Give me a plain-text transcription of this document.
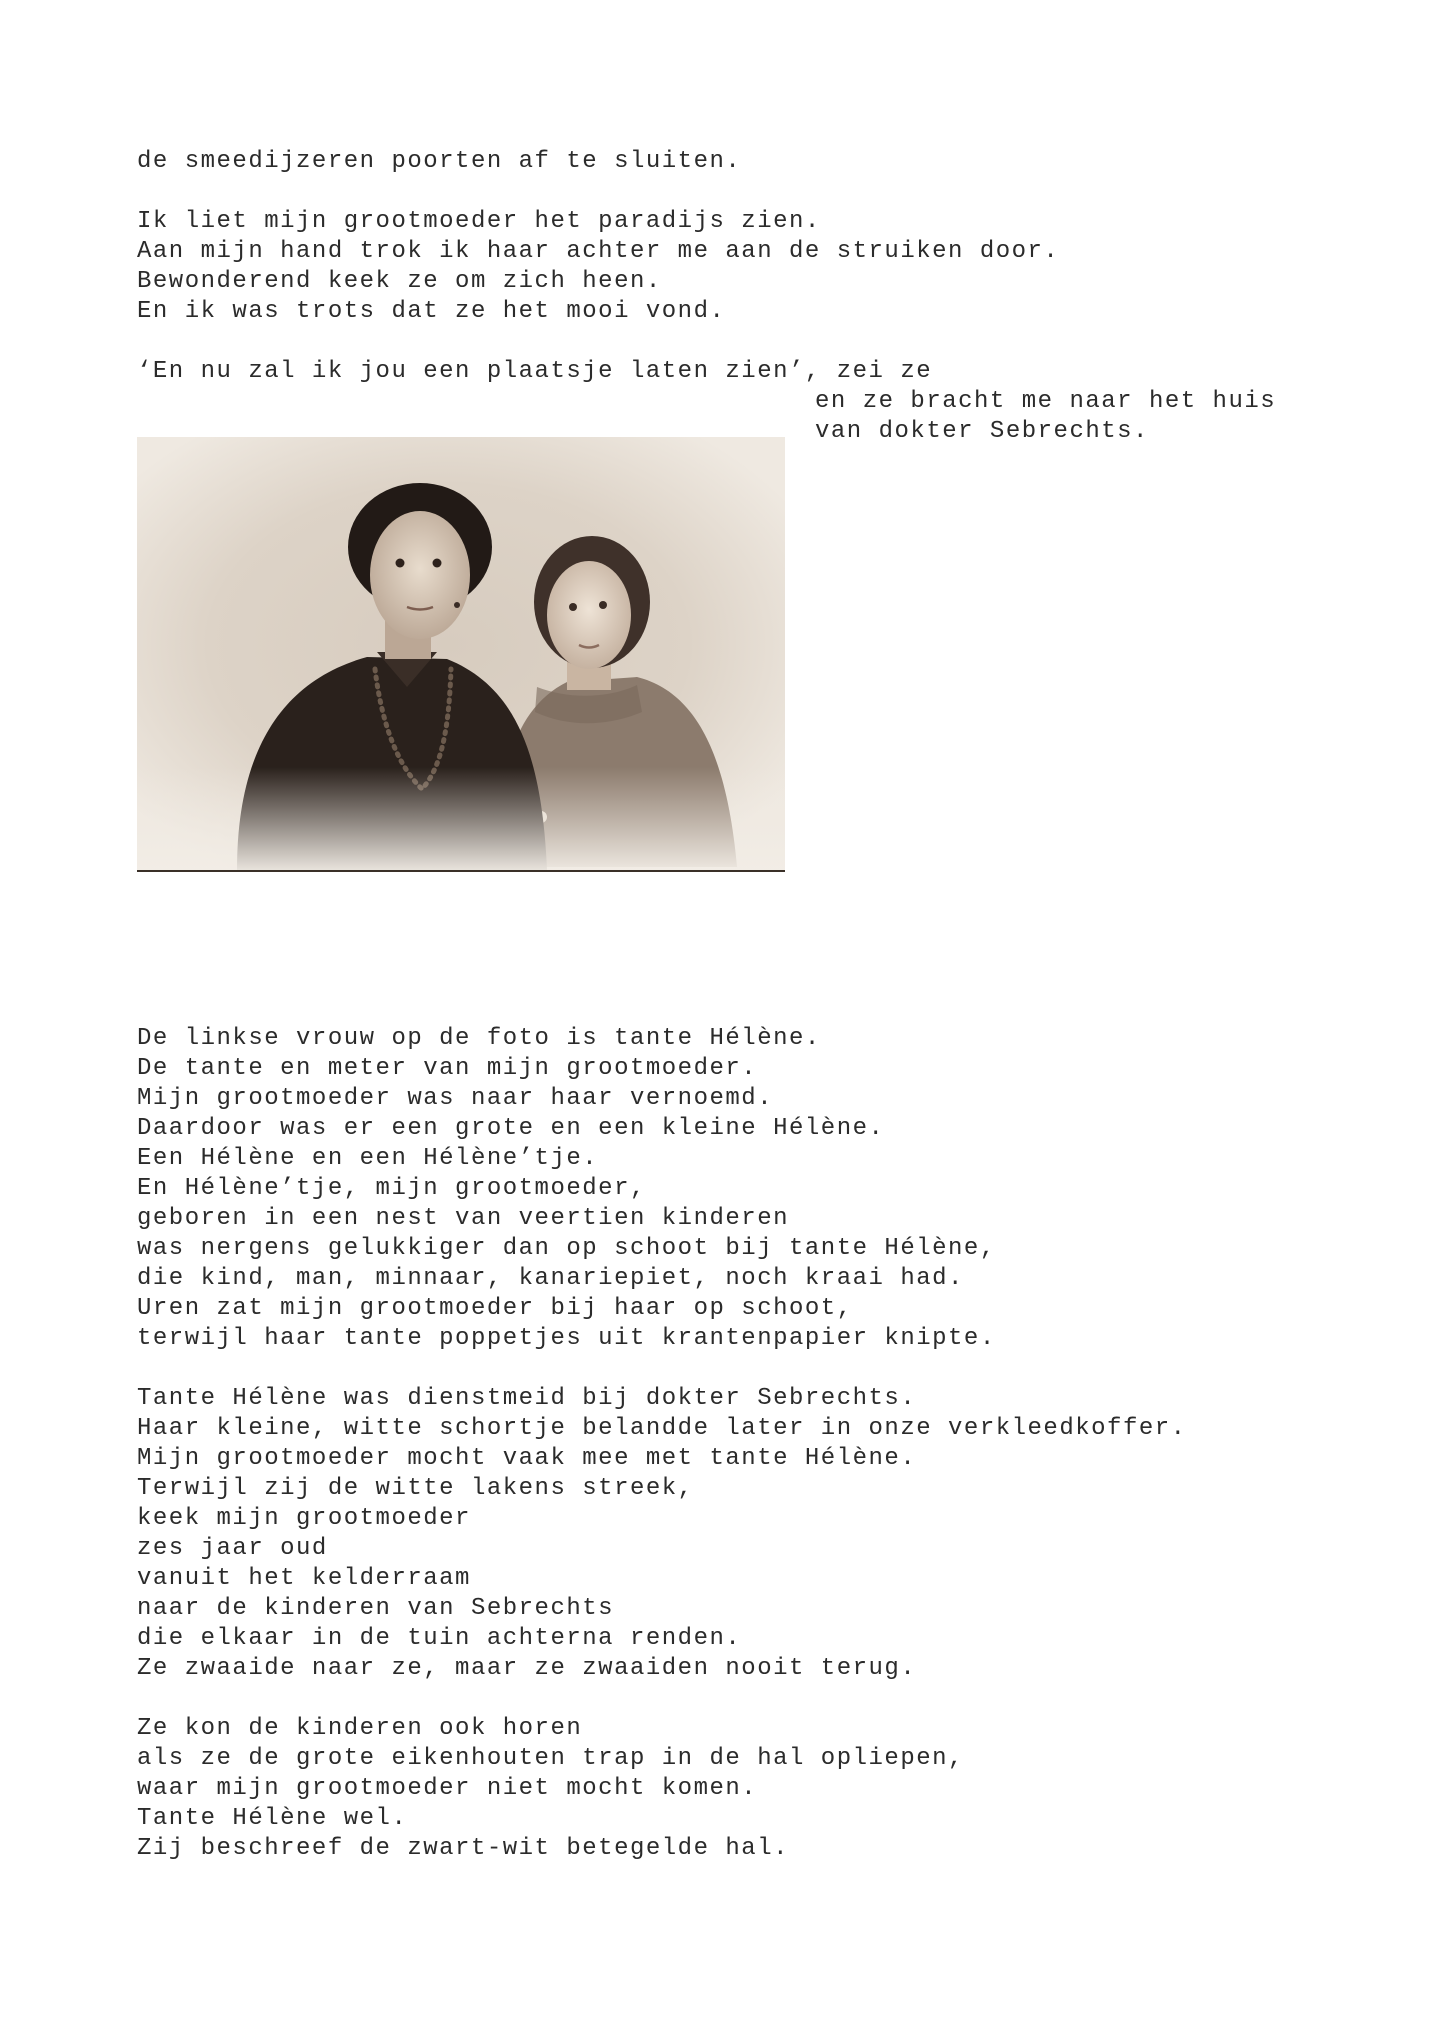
de smeedijzeren poorten af te sluiten.
Ik liet mijn grootmoeder het paradijs zien.
Aan mijn hand trok ik haar achter me aan de struiken door.
Bewonderend keek ze om zich heen.
En ik was trots dat ze het mooi vond.
‘En nu zal ik jou een plaatsje laten zien’, zei ze
en ze bracht me naar het huis
van dokter Sebrechts.
De linkse vrouw op de foto is tante Hélène.
De tante en meter van mijn grootmoeder.
Mijn grootmoeder was naar haar vernoemd.
Daardoor was er een grote en een kleine Hélène.
Een Hélène en een Hélène’tje.
En Hélène’tje, mijn grootmoeder,
geboren in een nest van veertien kinderen
was nergens gelukkiger dan op schoot bij tante Hélène,
die kind, man, minnaar, kanariepiet, noch kraai had.
Uren zat mijn grootmoeder bij haar op schoot,
terwijl haar tante poppetjes uit krantenpapier knipte.
Tante Hélène was dienstmeid bij dokter Sebrechts.
Haar kleine, witte schortje belandde later in onze verkleedkoffer.
Mijn grootmoeder mocht vaak mee met tante Hélène.
Terwijl zij de witte lakens streek,
keek mijn grootmoeder
zes jaar oud
vanuit het kelderraam
naar de kinderen van Sebrechts
die elkaar in de tuin achterna renden.
Ze zwaaide naar ze, maar ze zwaaiden nooit terug.
Ze kon de kinderen ook horen
als ze de grote eikenhouten trap in de hal opliepen,
waar mijn grootmoeder niet mocht komen.
Tante Hélène wel.
Zij beschreef de zwart-wit betegelde hal.
